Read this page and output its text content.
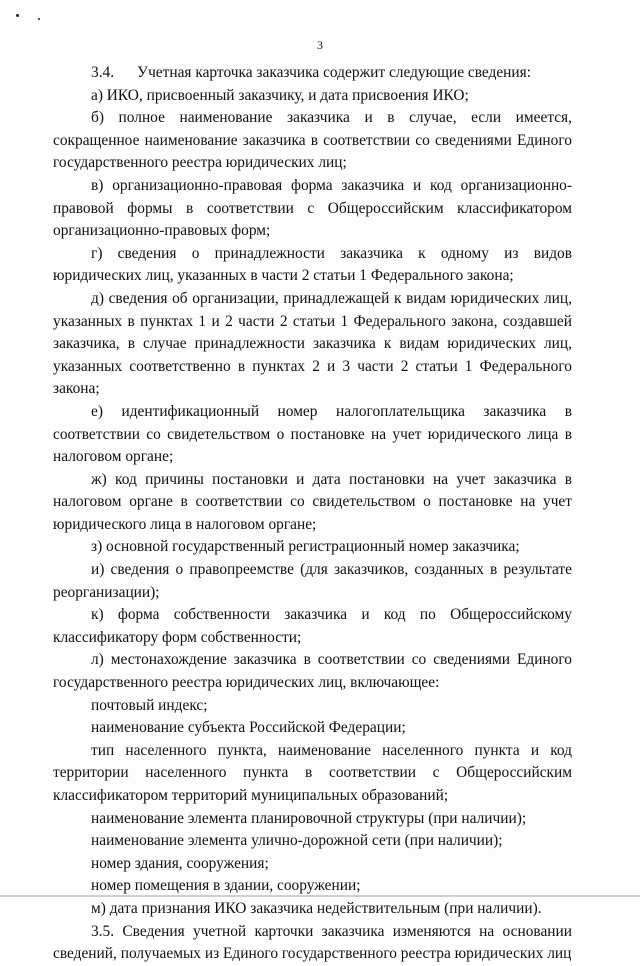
3

3.4.      Учетная карточка заказчика содержит следующие сведения:

а) ИКО, присвоенный заказчику, и дата присвоения ИКО;

б) полное наименование заказчика и в случае, если имеется, сокращенное наименование заказчика в соответствии со сведениями Единого государственного реестра юридических лиц;

в) организационно-правовая форма заказчика и код организационно-правовой формы в соответствии с Общероссийским классификатором организационно-правовых форм;

г) сведения о принадлежности заказчика к одному из видов юридических лиц, указанных в части 2 статьи 1 Федерального закона;

д) сведения об организации, принадлежащей к видам юридических лиц, указанных в пунктах 1 и 2 части 2 статьи 1 Федерального закона, создавшей заказчика, в случае принадлежности заказчика к видам юридических лиц, указанных соответственно в пунктах 2 и 3 части 2 статьи 1 Федерального закона;

е) идентификационный номер налогоплательщика заказчика в соответствии со свидетельством о постановке на учет юридического лица в налоговом органе;

ж) код причины постановки и дата постановки на учет заказчика в налоговом органе в соответствии со свидетельством о постановке на учет юридического лица в налоговом органе;

з) основной государственный регистрационный номер заказчика;

и) сведения о правопреемстве (для заказчиков, созданных в результате реорганизации);

к) форма собственности заказчика и код по Общероссийскому классификатору форм собственности;

л) местонахождение заказчика в соответствии со сведениями Единого государственного реестра юридических лиц, включающее:

почтовый индекс;

наименование субъекта Российской Федерации;

тип населенного пункта, наименование населенного пункта и код территории населенного пункта в соответствии с Общероссийским классификатором территорий муниципальных образований;

наименование элемента планировочной структуры (при наличии);

наименование элемента улично-дорожной сети (при наличии);

номер здания, сооружения;

номер помещения в здании, сооружении;

м) дата признания ИКО заказчика недействительным (при наличии).

3.5. Сведения учетной карточки заказчика изменяются на основании сведений, получаемых из Единого государственного реестра юридических лиц
